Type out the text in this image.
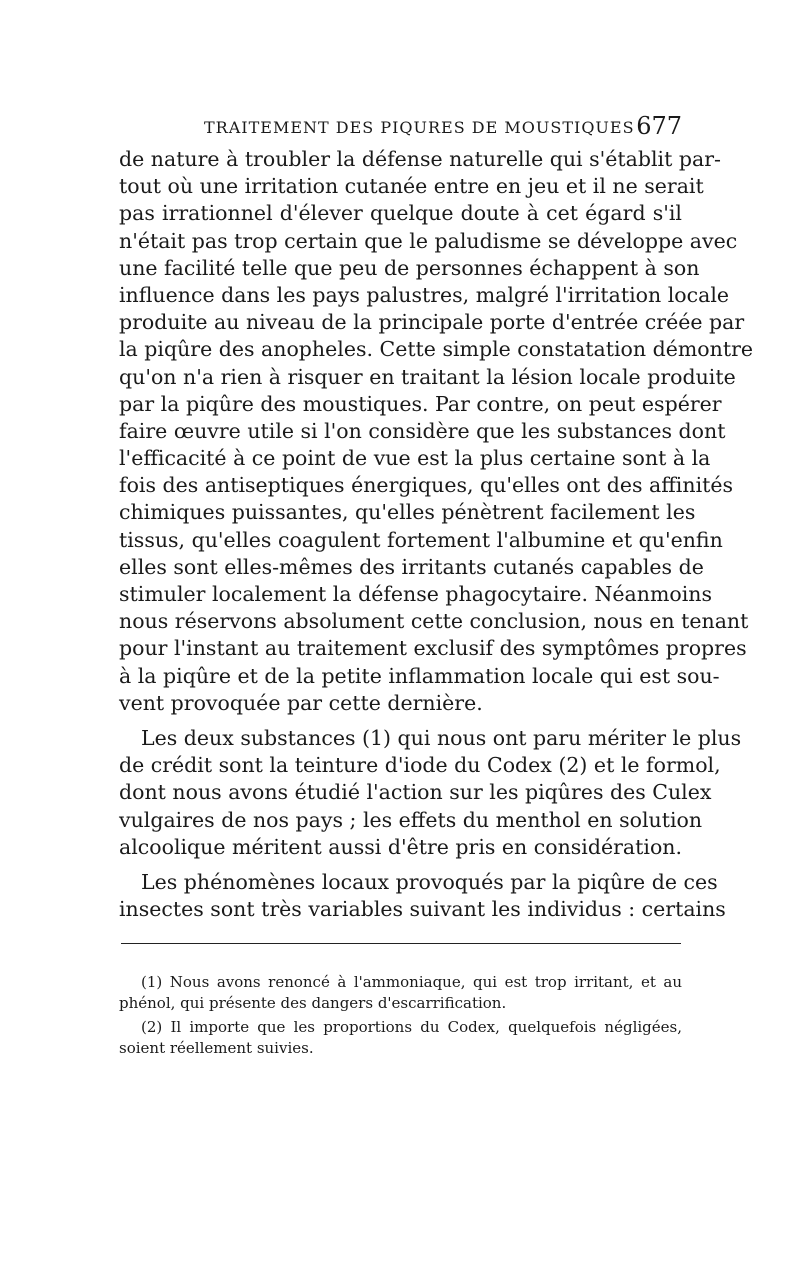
TRAITEMENT DES PIQURES DE MOUSTIQUES 677
de nature à troubler la défense naturelle qui s'établit par-
tout où une irritation cutanée entre en jeu et il ne serait
pas irrationnel d'élever quelque doute à cet égard s'il
n'était pas trop certain que le paludisme se développe avec
une facilité telle que peu de personnes échappent à son
influence dans les pays palustres, malgré l'irritation locale
produite au niveau de la principale porte d'entrée créée par
la piqûre des anopheles. Cette simple constatation démontre
qu'on n'a rien à risquer en traitant la lésion locale produite
par la piqûre des moustiques. Par contre, on peut espérer
faire œuvre utile si l'on considère que les substances dont
l'efficacité à ce point de vue est la plus certaine sont à la
fois des antiseptiques énergiques, qu'elles ont des affinités
chimiques puissantes, qu'elles pénètrent facilement les
tissus, qu'elles coagulent fortement l'albumine et qu'enfin
elles sont elles-mêmes des irritants cutanés capables de
stimuler localement la défense phagocytaire. Néanmoins
nous réservons absolument cette conclusion, nous en tenant
pour l'instant au traitement exclusif des symptômes propres
à la piqûre et de la petite inflammation locale qui est sou-
vent provoquée par cette dernière.
Les deux substances (1) qui nous ont paru mériter le plus
de crédit sont la teinture d'iode du Codex (2) et le formol,
dont nous avons étudié l'action sur les piqûres des Culex
vulgaires de nos pays ; les effets du menthol en solution
alcoolique méritent aussi d'être pris en considération.
Les phénomènes locaux provoqués par la piqûre de ces
insectes sont très variables suivant les individus : certains
(1) Nous avons renoncé à l'ammoniaque, qui est trop irritant, et au
phénol, qui présente des dangers d'escarrification.
(2) Il importe que les proportions du Codex, quelquefois négligées,
soient réellement suivies.
